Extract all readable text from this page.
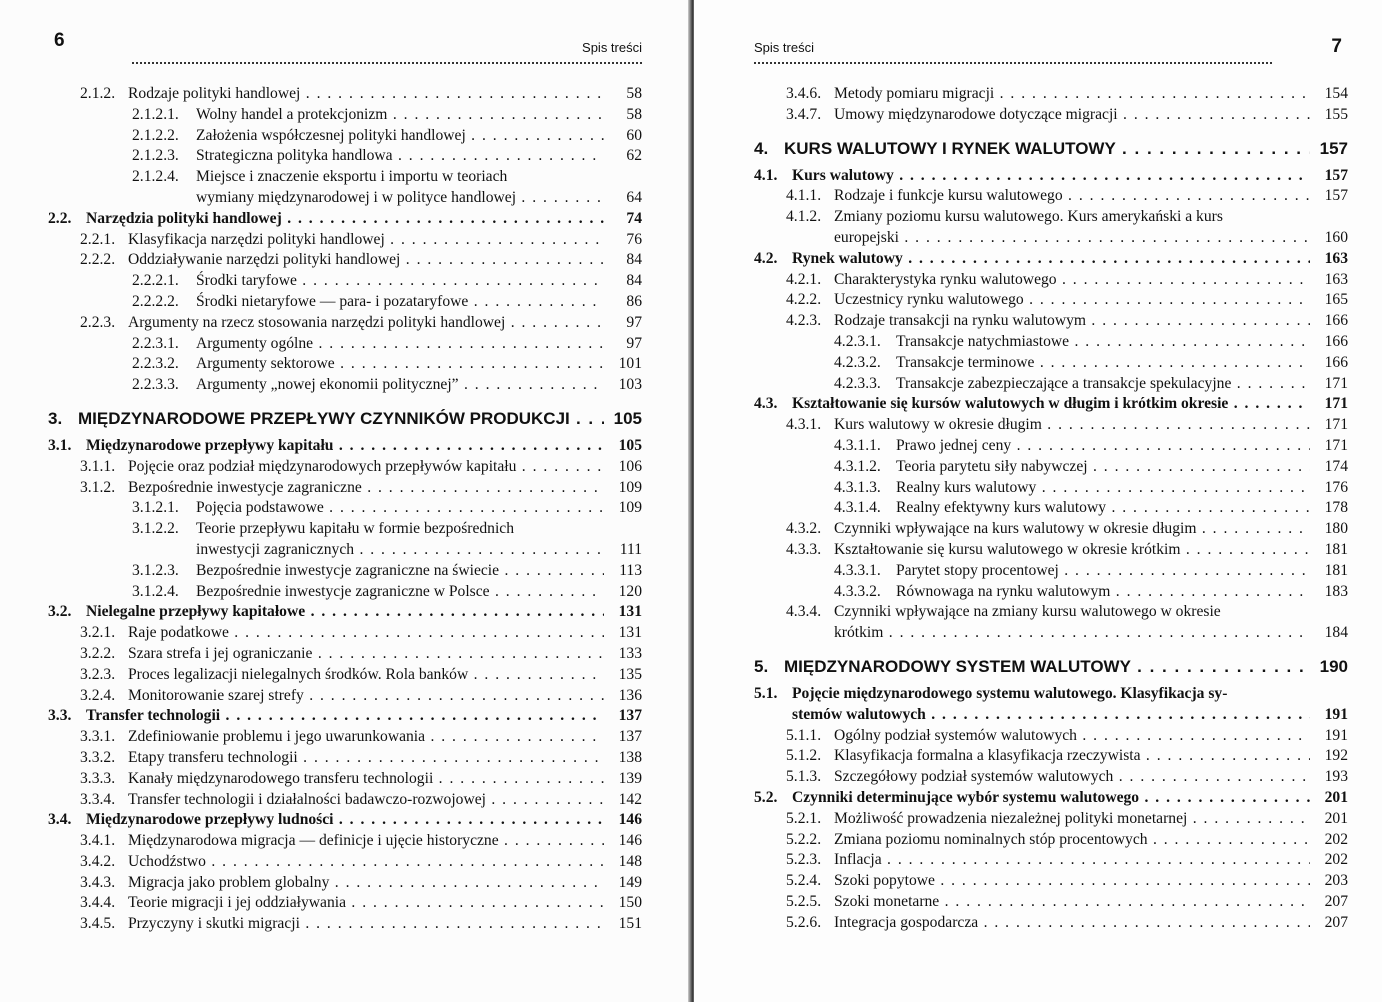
6	Spis treści
2.1.2. Rodzaje polityki handlowej . . .	58
2.1.2.1.	Wolny handel a protekcjonizm . . .	58
2.1.2.2.	Założenia współczesnej polityki handlowej . . .	60
2.1.2.3.	Strategiczna polityka handlowa . . .	62
2.1.2.4.	Miejsce i znaczenie eksportu i importu w teoriach
wymiany międzynarodowej i w polityce handlowej . . .	64
2.2. Narzędzia polityki handlowej . . .	74
2.2.1. Klasyfikacja narzędzi polityki handlowej . . .	76
2.2.2. Oddziaływanie narzędzi polityki handlowej . . .	84
2.2.2.1.	Środki taryfowe . . .	84
2.2.2.2.	Środki nietaryfowe — para- i pozataryfowe . . .	86
2.2.3. Argumenty na rzecz stosowania narzędzi polityki handlowej . . .	97
2.2.3.1.	Argumenty ogólne . . .	97
2.2.3.2.	Argumenty sektorowe . . .	101
2.2.3.3.	Argumenty „nowej ekonomii politycznej” . . .	103
3. MIĘDZYNARODOWE PRZEPŁYWY CZYNNIKÓW PRODUKCJI . . .	105
3.1. Międzynarodowe przepływy kapitału . . .	105
3.1.1. Pojęcie oraz podział międzynarodowych przepływów kapitału . . .	106
3.1.2. Bezpośrednie inwestycje zagraniczne . . .	109
3.1.2.1.	Pojęcia podstawowe . . .	109
3.1.2.2.	Teorie przepływu kapitału w formie bezpośrednich
inwestycji zagranicznych . . .	111
3.1.2.3.	Bezpośrednie inwestycje zagraniczne na świecie . . .	113
3.1.2.4.	Bezpośrednie inwestycje zagraniczne w Polsce . . .	120
3.2. Nielegalne przepływy kapitałowe . . .	131
3.2.1. Raje podatkowe . . .	131
3.2.2. Szara strefa i jej ograniczanie . . .	133
3.2.3. Proces legalizacji nielegalnych środków. Rola banków . . .	135
3.2.4. Monitorowanie szarej strefy . . .	136
3.3. Transfer technologii . . .	137
3.3.1. Zdefiniowanie problemu i jego uwarunkowania . . .	137
3.3.2. Etapy transferu technologii . . .	138
3.3.3. Kanały międzynarodowego transferu technologii . . .	139
3.3.4. Transfer technologii i działalności badawczo-rozwojowej . . .	142
3.4. Międzynarodowe przepływy ludności . . .	146
3.4.1. Międzynarodowa migracja — definicje i ujęcie historyczne . . .	146
3.4.2. Uchodźstwo . . .	148
3.4.3. Migracja jako problem globalny . . .	149
3.4.4. Teorie migracji i jej oddziaływania . . .	150
3.4.5. Przyczyny i skutki migracji . . .	151
Spis treści	7
3.4.6. Metody pomiaru migracji . . .	154
3.4.7. Umowy międzynarodowe dotyczące migracji . . .	155
4. KURS WALUTOWY I RYNEK WALUTOWY . . .	157
4.1. Kurs walutowy . . .	157
4.1.1. Rodzaje i funkcje kursu walutowego . . .	157
4.1.2. Zmiany poziomu kursu walutowego. Kurs amerykański a kurs
europejski . . .	160
4.2. Rynek walutowy . . .	163
4.2.1. Charakterystyka rynku walutowego . . .	163
4.2.2. Uczestnicy rynku walutowego . . .	165
4.2.3. Rodzaje transakcji na rynku walutowym . . .	166
4.2.3.1. Transakcje natychmiastowe . . .	166
4.2.3.2. Transakcje terminowe . . .	166
4.2.3.3. Transakcje zabezpieczające a transakcje spekulacyjne . . .	171
4.3. Kształtowanie się kursów walutowych w długim i krótkim okresie . . .	171
4.3.1. Kurs walutowy w okresie długim . . .	171
4.3.1.1. Prawo jednej ceny . . .	171
4.3.1.2. Teoria parytetu siły nabywczej . . .	174
4.3.1.3. Realny kurs walutowy . . .	176
4.3.1.4. Realny efektywny kurs walutowy . . .	178
4.3.2. Czynniki wpływające na kurs walutowy w okresie długim . . .	180
4.3.3. Kształtowanie się kursu walutowego w okresie krótkim . . .	181
4.3.3.1. Parytet stopy procentowej . . .	181
4.3.3.2. Równowaga na rynku walutowym . . .	183
4.3.4. Czynniki wpływające na zmiany kursu walutowego w okresie
krótkim . . .	184
5. MIĘDZYNARODOWY SYSTEM WALUTOWY . . .	190
5.1. Pojęcie międzynarodowego systemu walutowego. Klasyfikacja sy-
stemów walutowych . . .	191
5.1.1. Ogólny podział systemów walutowych . . .	191
5.1.2. Klasyfikacja formalna a klasyfikacja rzeczywista . . .	192
5.1.3. Szczegółowy podział systemów walutowych . . .	193
5.2. Czynniki determinujące wybór systemu walutowego . . .	201
5.2.1. Możliwość prowadzenia niezależnej polityki monetarnej . . .	201
5.2.2. Zmiana poziomu nominalnych stóp procentowych . . .	202
5.2.3. Inflacja . . .	202
5.2.4. Szoki popytowe . . .	203
5.2.5. Szoki monetarne . . .	207
5.2.6. Integracja gospodarcza . . .	207
